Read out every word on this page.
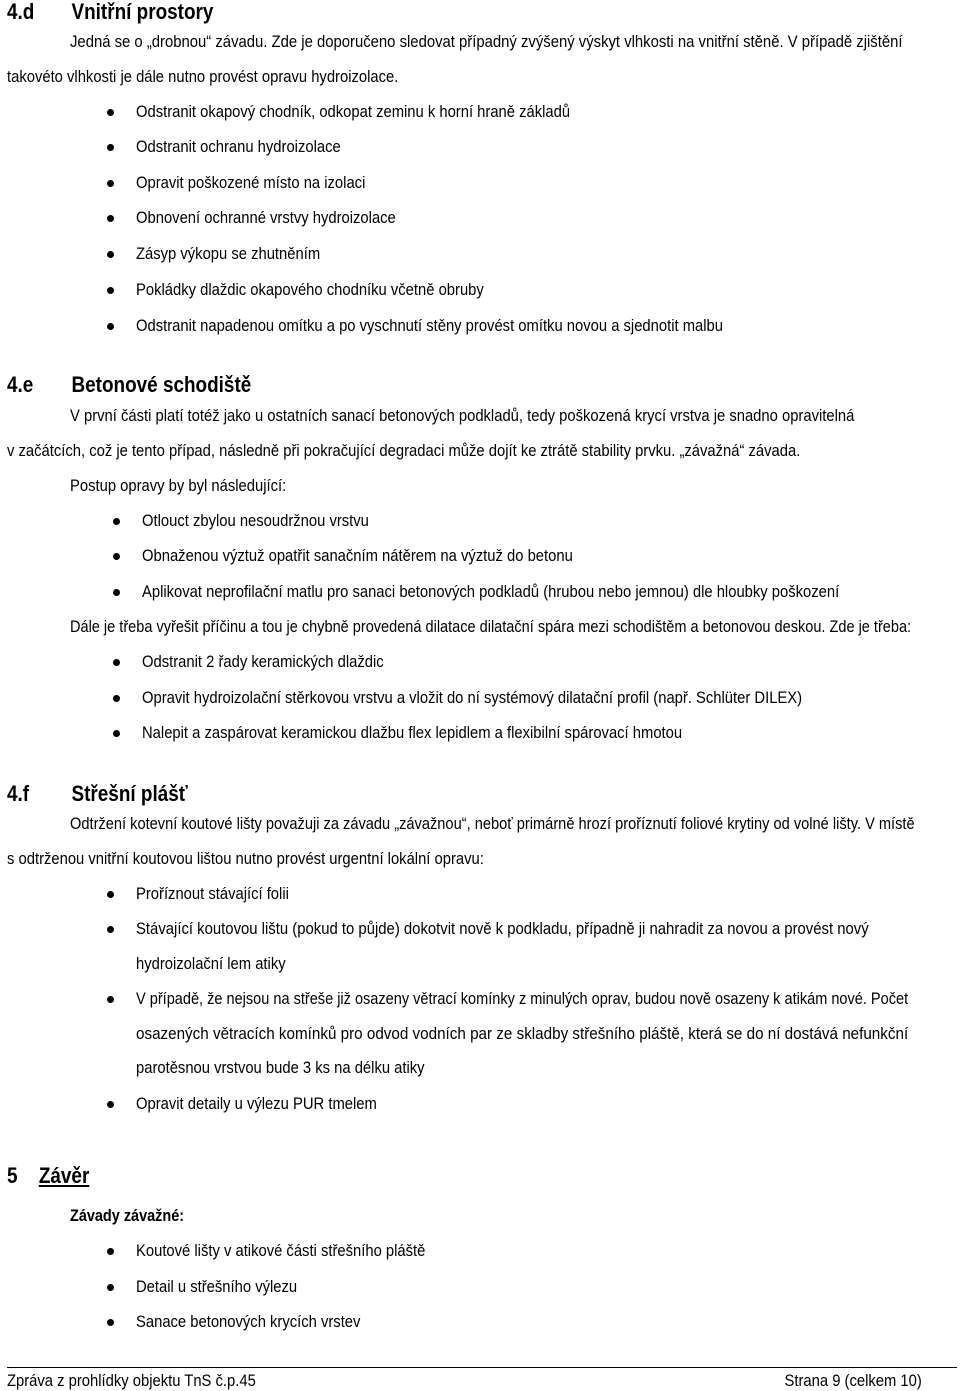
4.d Vnitřní prostory
Jedná se o „drobnou“ závadu. Zde je doporučeno sledovat případný zvýšený výskyt vlhkosti na vnitřní stěně. V případě zjištění
takovéto vlhkosti je dále nutno provést opravu hydroizolace.
Odstranit okapový chodník, odkopat zeminu k horní hraně základů
Odstranit ochranu hydroizolace
Opravit poškozené místo na izolaci
Obnovení ochranné vrstvy hydroizolace
Zásyp výkopu se zhutněním
Pokládky dlaždic okapového chodníku včetně obruby
Odstranit napadenou omítku a po vyschnutí stěny provést omítku novou a sjednotit malbu
4.e Betonové schodiště
V první části platí totéž jako u ostatních sanací betonových podkladů, tedy poškozená krycí vrstva je snadno opravitelná
v začátcích, což je tento případ, následně při pokračující degradaci může dojít ke ztrátě stability prvku. „závažná“ závada.
Postup opravy by byl následující:
Otlouct zbylou nesoudržnou vrstvu
Obnaženou výztuž opatřit sanačním nátěrem na výztuž do betonu
Aplikovat neprofilační matlu pro sanaci betonových podkladů (hrubou nebo jemnou) dle hloubky poškození
Dále je třeba vyřešit příčinu a tou je chybně provedená dilatace dilatační spára mezi schodištěm a betonovou deskou. Zde je třeba:
Odstranit 2 řady keramických dlaždic
Opravit hydroizolační stěrkovou vrstvu a vložit do ní systémový dilatační profil (např. Schlüter DILEX)
Nalepit a zaspárovat keramickou dlažbu flex lepidlem a flexibilní spárovací hmotou
4.f Střešní plášť
Odtržení kotevní koutové lišty považuji za závadu „závažnou“, neboť primárně hrozí proříznutí foliové krytiny od volné lišty. V místě
s odtrženou vnitřní koutovou lištou nutno provést urgentní lokální opravu:
Proříznout stávající folii
Stávající koutovou lištu (pokud to půjde) dokotvit nově k podkladu, případně ji nahradit za novou a provést nový
hydroizolační lem atiky
V případě, že nejsou na střeše již osazeny větrací komínky z minulých oprav, budou nově osazeny k atikám nové. Počet
osazených větracích komínků pro odvod vodních par ze skladby střešního pláště, která se do ní dostává nefunkční
parotěsnou vrstvou bude 3 ks na délku atiky
Opravit detaily u výlezu PUR tmelem
5 Závěr
Závady závažné:
Koutové lišty v atikové části střešního pláště
Detail u střešního výlezu
Sanace betonových krycích vrstev
Zpráva z prohlídky objektu TnS č.p.45	Strana 9 (celkem 10)
